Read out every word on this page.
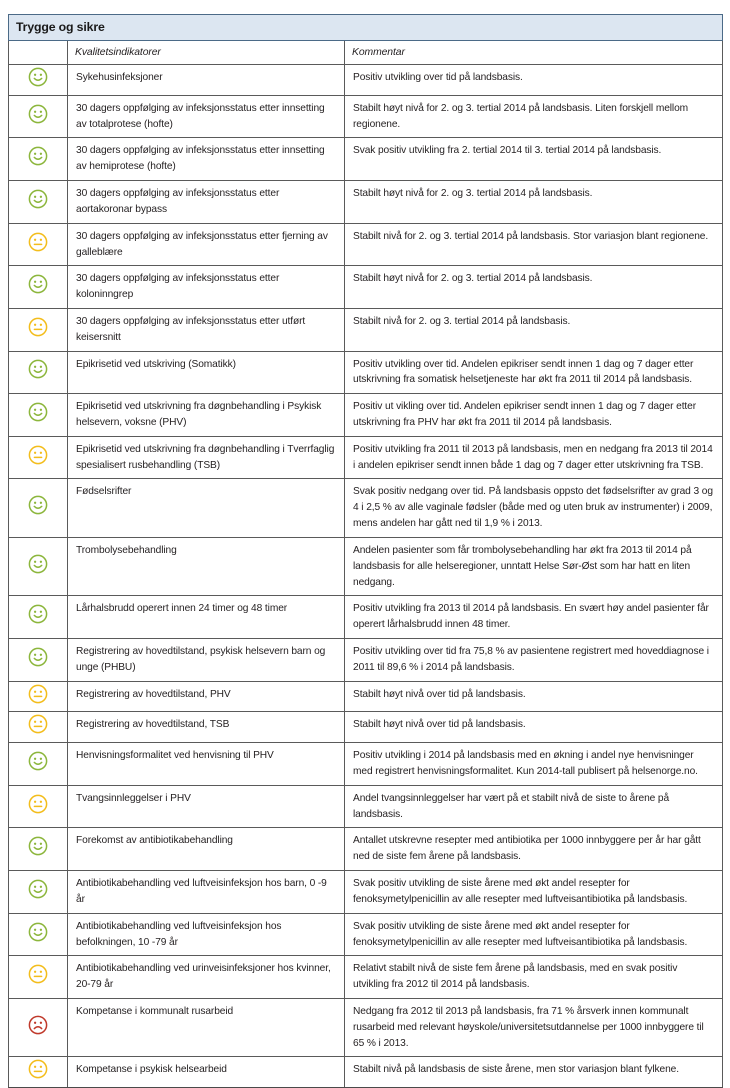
Trygge og sikre		
	Kvalitetsindikatorer	Kommentar

Sykehusinfeksjoner	Positiv utvikling over tid på landsbasis.

30 dagers oppfølging av infeksjonsstatus etter innsetting av totalprotese (hofte)	Stabilt høyt nivå for 2. og 3. tertial 2014 på landsbasis. Liten forskjell mellom regionene.

30 dagers oppfølging av infeksjonsstatus etter innsetting av hemiprotese (hofte)	Svak positiv utvikling fra 2. tertial 2014 til 3. tertial 2014 på landsbasis.

30 dagers oppfølging av infeksjonsstatus etter aortakoronar bypass	Stabilt høyt nivå for 2. og 3. tertial 2014 på landsbasis.

30 dagers oppfølging av infeksjonsstatus etter fjerning av galleblære	Stabilt nivå for 2. og 3. tertial 2014 på landsbasis. Stor variasjon blant regionene.

30 dagers oppfølging av infeksjonsstatus etter koloninngrep	Stabilt høyt nivå for 2. og 3. tertial 2014 på landsbasis.

30 dagers oppfølging av infeksjonsstatus etter utført keisersnitt	Stabilt nivå for 2. og 3. tertial 2014 på landsbasis.

Epikrisetid ved utskriving (Somatikk)	Positiv utvikling over tid. Andelen epikriser sendt innen 1 dag og 7 dager etter utskrivning fra somatisk helsetjeneste har økt fra 2011 til 2014 på landsbasis.

Epikrisetid ved utskrivning fra døgnbehandling i Psykisk helsevern, voksne (PHV)	Positiv ut vikling over tid. Andelen epikriser sendt innen 1 dag og 7 dager etter utskrivning fra PHV har økt fra 2011 til 2014 på landsbasis.

Epikrisetid ved utskrivning fra døgnbehandling i Tverrfaglig spesialisert rusbehandling (TSB)	Positiv utvikling fra 2011 til 2013 på landsbasis, men en nedgang fra 2013 til 2014 i andelen epikriser sendt innen både 1 dag og 7 dager etter utskrivning fra TSB.

Fødselsrifter	Svak positiv nedgang over tid. På landsbasis oppsto det fødselsrifter av grad 3 og 4 i 2,5 % av alle vaginale fødsler (både med og uten bruk av instrumenter) i 2009, mens andelen har gått ned til 1,9 % i 2013.

Trombolysebehandling	Andelen pasienter som får trombolysebehandling har økt fra 2013 til 2014 på landsbasis for alle helseregioner, unntatt Helse Sør-Øst som har hatt en liten nedgang.

Lårhalsbrudd operert innen 24 timer og 48 timer	Positiv utvikling fra 2013 til 2014 på landsbasis. En svært høy andel pasienter får operert lårhalsbrudd innen 48 timer.

Registrering av hovedtilstand, psykisk helsevern barn og unge (PHBU)	Positiv utvikling over tid fra 75,8 % av pasientene registrert med hoveddiagnose i 2011 til 89,6 % i 2014 på landsbasis.

Registrering av hovedtilstand, PHV	Stabilt høyt nivå over tid på landsbasis.

Registrering av hovedtilstand, TSB	Stabilt høyt nivå over tid på landsbasis.

Henvisningsformalitet ved henvisning til PHV	Positiv utvikling i 2014 på landsbasis med en økning i andel nye henvisninger med registrert henvisningsformalitet. Kun 2014-tall publisert på helsenorge.no.

Tvangsinnleggelser i PHV	Andel tvangsinnleggelser har vært på et stabilt nivå de siste to årene på landsbasis.

Forekomst av antibiotikabehandling	Antallet utskrevne resepter med antibiotika per 1000 innbyggere per år har gått ned de siste fem årene på landsbasis.

Antibiotikabehandling ved luftveisinfeksjon hos barn, 0 -9 år	Svak positiv utvikling de siste årene med økt andel resepter for fenoksymetylpenicillin av alle resepter med luftveisantibiotika på landsbasis.

Antibiotikabehandling ved luftveisinfeksjon hos befolkningen, 10 -79 år	Svak positiv utvikling de siste årene med økt andel resepter for fenoksymetylpenicillin av alle resepter med luftveisantibiotika på landsbasis.

Antibiotikabehandling ved urinveisinfeksjoner hos kvinner, 20-79 år	Relativt stabilt nivå de siste fem årene på landsbasis, med en svak positiv utvikling fra 2012 til 2014 på landsbasis.

Kompetanse i kommunalt rusarbeid	Nedgang fra 2012 til 2013 på landsbasis, fra 71 % årsverk innen kommunalt rusarbeid med relevant høyskole/universitetsutdannelse per 1000 innbyggere til 65 % i 2013.

Kompetanse i psykisk helsearbeid	Stabilt nivå på landsbasis de siste årene, men stor variasjon blant fylkene.
